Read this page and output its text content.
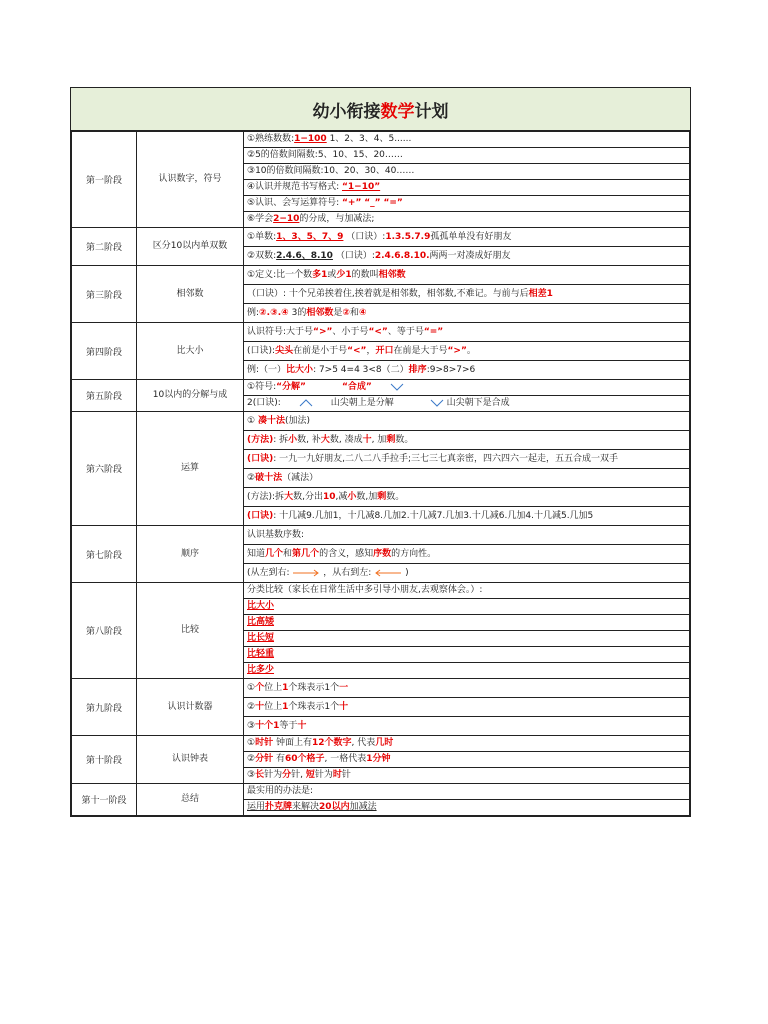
幼小衔接 数学 计划
第一阶段	认识数字，符号	①熟练数数:1−100 1、2、3、4、5......
		②5的倍数间隔数:5、10、15、20……
		③10的倍数间隔数:10、20、30、40……
		④认识并规范书写格式: “1−10”
		⑤认识、会写运算符号: “+” “_” “=”
		⑥学会2−10的分成，与加减法;
第二阶段	区分10以内单双数	①单数:1、3、5、7、9 （口诀）:1.3.5.7.9孤孤单单没有好朋友
		②双数:2.4.6、8.10 （口诀）:2.4.6.8.10.两两一对凑成好朋友
第三阶段	相邻数	①定义:比一个数多1或少1的数叫相邻数
		（口诀）: 十个兄弟挨着住,挨着就是相邻数，相邻数,不难记。与前与后相差1
		例:②.③.④ 3的相邻数是②和④
第四阶段	比大小	认识符号:大于号“>”、小于号“<”、等于号“=”
		(口诀):尖头在前是小于号“<”，开口在前是大于号“>”。
		例:（一）比大小: 7>5 4=4 3<8（二）排序:9>8>7>6
第五阶段	10以内的分解与成	①符号:“分解” “合成”

		2(口诀): 山尖朝上是分解 山尖朝下是合成
第六阶段	运算	① 凑十法(加法)
		(方法): 拆小数, 补大数, 凑成十, 加剩数。
		(口诀): 一九一九好朋友,二八二八手拉手;三七三七真亲密，四六四六一起走，五五合成一双手
		②破十法（减法）
		(方法):拆大数,分出10,减小数,加剩数。
		(口诀): 十几减9.几加1，十几减8.几加2.十几减7.几加3.十几减6.几加4.十几减5.几加5
第七阶段	顺序	认识基数序数:
		知道几个和第几个的含义，感知序数的方向性。
		(从左到右: ，从右到左: )
第八阶段	比较	分类比较（家长在日常生活中多引导小朋友,去观察体会。）:
		比大小
		比高矮
		比长短
		比轻重
		比多少
第九阶段	认识计数器	①个位上1个珠表示1个一
		②十位上1个珠表示1个十
		③十个1等于十
第十阶段	认识钟表	①时针 钟面上有12个数字, 代表几时
		②分针 有60个格子, 一格代表1分钟
		③长针为分针, 短针为时针
第十一阶段	总结	最实用的办法是:
		运用扑克牌来解决20以内加减法
